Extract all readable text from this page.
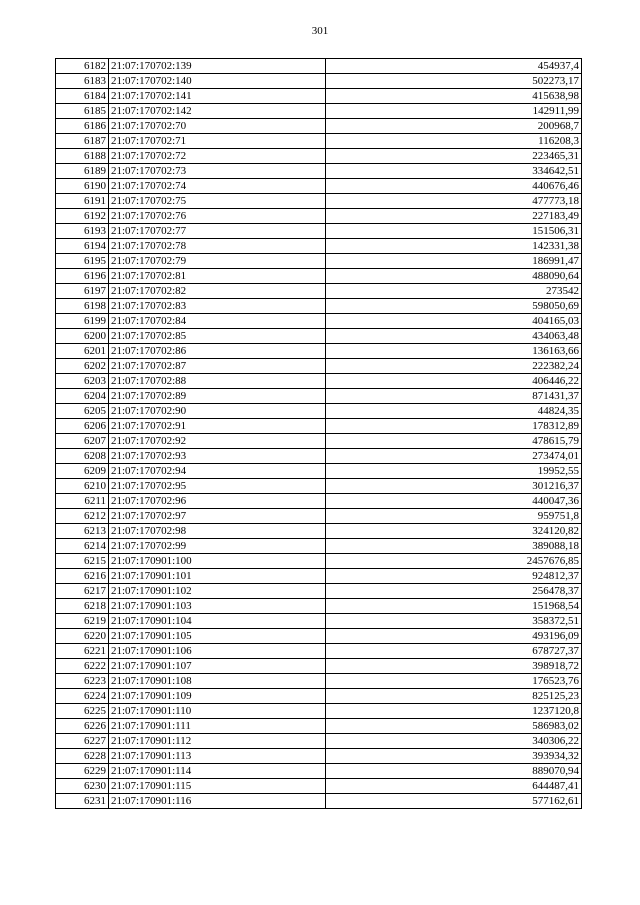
301
6182	21:07:170702:139	454937,4
6183	21:07:170702:140	502273,17
6184	21:07:170702:141	415638,98
6185	21:07:170702:142	142911,99
6186	21:07:170702:70	200968,7
6187	21:07:170702:71	116208,3
6188	21:07:170702:72	223465,31
6189	21:07:170702:73	334642,51
6190	21:07:170702:74	440676,46
6191	21:07:170702:75	477773,18
6192	21:07:170702:76	227183,49
6193	21:07:170702:77	151506,31
6194	21:07:170702:78	142331,38
6195	21:07:170702:79	186991,47
6196	21:07:170702:81	488090,64
6197	21:07:170702:82	273542
6198	21:07:170702:83	598050,69
6199	21:07:170702:84	404165,03
6200	21:07:170702:85	434063,48
6201	21:07:170702:86	136163,66
6202	21:07:170702:87	222382,24
6203	21:07:170702:88	406446,22
6204	21:07:170702:89	871431,37
6205	21:07:170702:90	44824,35
6206	21:07:170702:91	178312,89
6207	21:07:170702:92	478615,79
6208	21:07:170702:93	273474,01
6209	21:07:170702:94	19952,55
6210	21:07:170702:95	301216,37
6211	21:07:170702:96	440047,36
6212	21:07:170702:97	959751,8
6213	21:07:170702:98	324120,82
6214	21:07:170702:99	389088,18
6215	21:07:170901:100	2457676,85
6216	21:07:170901:101	924812,37
6217	21:07:170901:102	256478,37
6218	21:07:170901:103	151968,54
6219	21:07:170901:104	358372,51
6220	21:07:170901:105	493196,09
6221	21:07:170901:106	678727,37
6222	21:07:170901:107	398918,72
6223	21:07:170901:108	176523,76
6224	21:07:170901:109	825125,23
6225	21:07:170901:110	1237120,8
6226	21:07:170901:111	586983,02
6227	21:07:170901:112	340306,22
6228	21:07:170901:113	393934,32
6229	21:07:170901:114	889070,94
6230	21:07:170901:115	644487,41
6231	21:07:170901:116	577162,61
